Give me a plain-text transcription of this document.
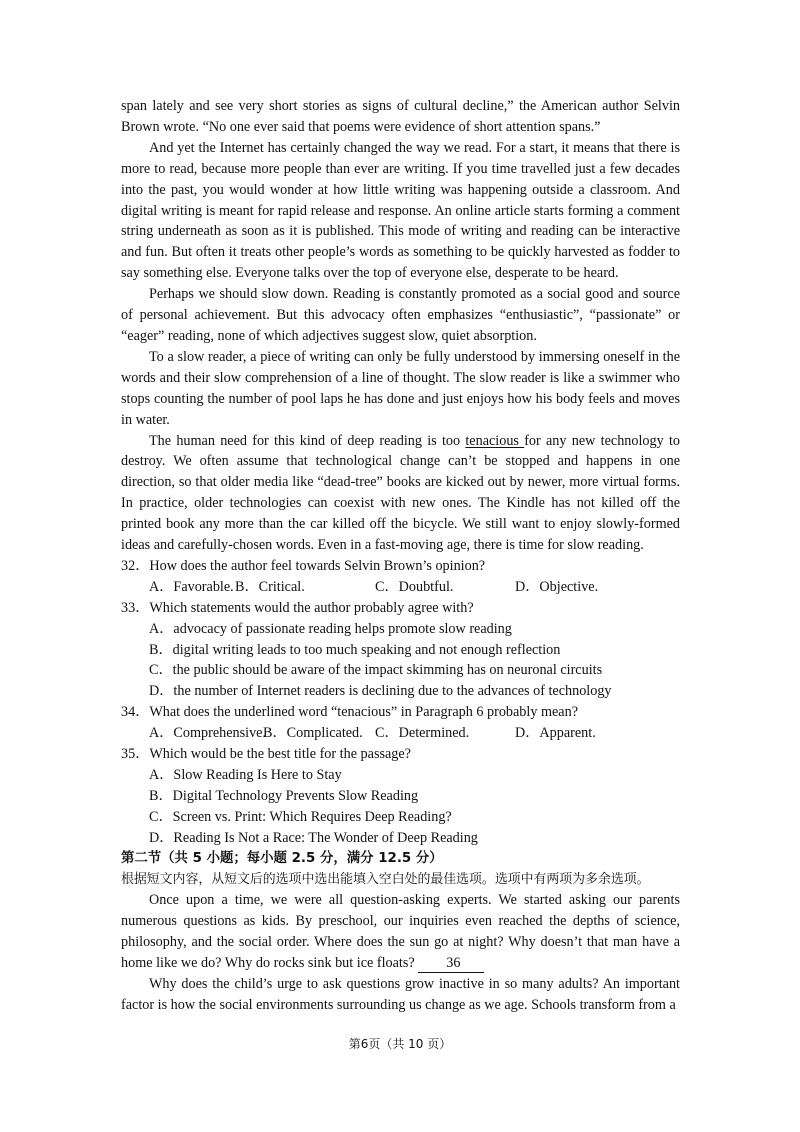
span lately and see very short stories as signs of cultural decline,” the American author Selvin Brown wrote. “No one ever said that poems were evidence of short attention spans.”

And yet the Internet has certainly changed the way we read. For a start, it means that there is more to read, because more people than ever are writing. If you time travelled just a few decades into the past, you would wonder at how little writing was happening outside a classroom. And digital writing is meant for rapid release and response. An online article starts forming a comment string underneath as soon as it is published. This mode of writing and reading can be interactive and fun. But often it treats other people’s words as something to be quickly harvested as fodder to say something else. Everyone talks over the top of everyone else, desperate to be heard.

Perhaps we should slow down. Reading is constantly promoted as a social good and source of personal achievement. But this advocacy often emphasizes “enthusiastic”, “passionate” or “eager” reading, none of which adjectives suggest slow, quiet absorption.

To a slow reader, a piece of writing can only be fully understood by immersing oneself in the words and their slow comprehension of a line of thought. The slow reader is like a swimmer who stops counting the number of pool laps he has done and just enjoys how his body feels and moves in water.

The human need for this kind of deep reading is too tenacious for any new technology to destroy. We often assume that technological change can’t be stopped and happens in one direction, so that older media like “dead-tree” books are kicked out by newer, more virtual forms. In practice, older technologies can coexist with new ones. The Kindle has not killed off the printed book any more than the car killed off the bicycle. We still want to enjoy slowly-formed ideas and carefully-chosen words. Even in a fast-moving age, there is time for slow reading.

32．How does the author feel towards Selvin Brown’s opinion?

A．Favorable. B．Critical.	C．Doubtful.	D．Objective.

33．Which statements would the author probably agree with?

A．advocacy of passionate reading helps promote slow reading

B．digital writing leads to too much speaking and not enough reflection

C．the public should be aware of the impact skimming has on neuronal circuits

D．the number of Internet readers is declining due to the advances of technology

34．What does the underlined word “tenacious” in Paragraph 6 probably mean?

A．Comprehensive.
B．Complicated. C．Determined.	D．Apparent.

35．Which would be the best title for the passage?

A．Slow Reading Is Here to Stay

B．Digital Technology Prevents Slow Reading

C．Screen vs. Print: Which Requires Deep Reading?

D．Reading Is Not a Race: The Wonder of Deep Reading

第二节（共 5 小题；每小题 2.5 分，满分 12.5 分）

根据短文内容，从短文后的选项中选出能填入空白处的最佳选项。选项中有两项为多余选项。

Once upon a time, we were all question-asking experts. We started asking our parents numerous questions as kids. By preschool, our inquiries even reached the depths of science, philosophy, and the social order. Where does the sun go at night? Why doesn’t that man have a home like we do? Why do rocks sink but ice floats? 36

Why does the child’s urge to ask questions grow inactive in so many adults? An important factor is how the social environments surrounding us change as we age. Schools transform from a

第6页（共 10 页）
